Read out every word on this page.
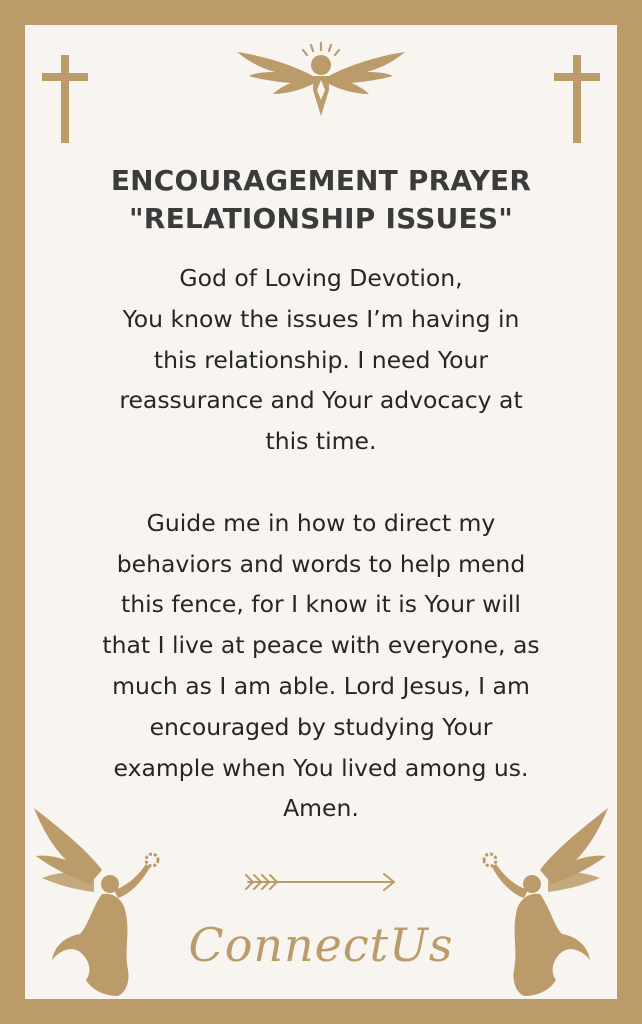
ENCOURAGEMENT PRAYER
"RELATIONSHIP ISSUES"
God of Loving Devotion,
You know the issues I’m having in
this relationship. I need Your
reassurance and Your advocacy at
this time.
Guide me in how to direct my
behaviors and words to help mend
this fence, for I know it is Your will
that I live at peace with everyone, as
much as I am able. Lord Jesus, I am
encouraged by studying Your
example when You lived among us.
Amen.
ConnectUs
